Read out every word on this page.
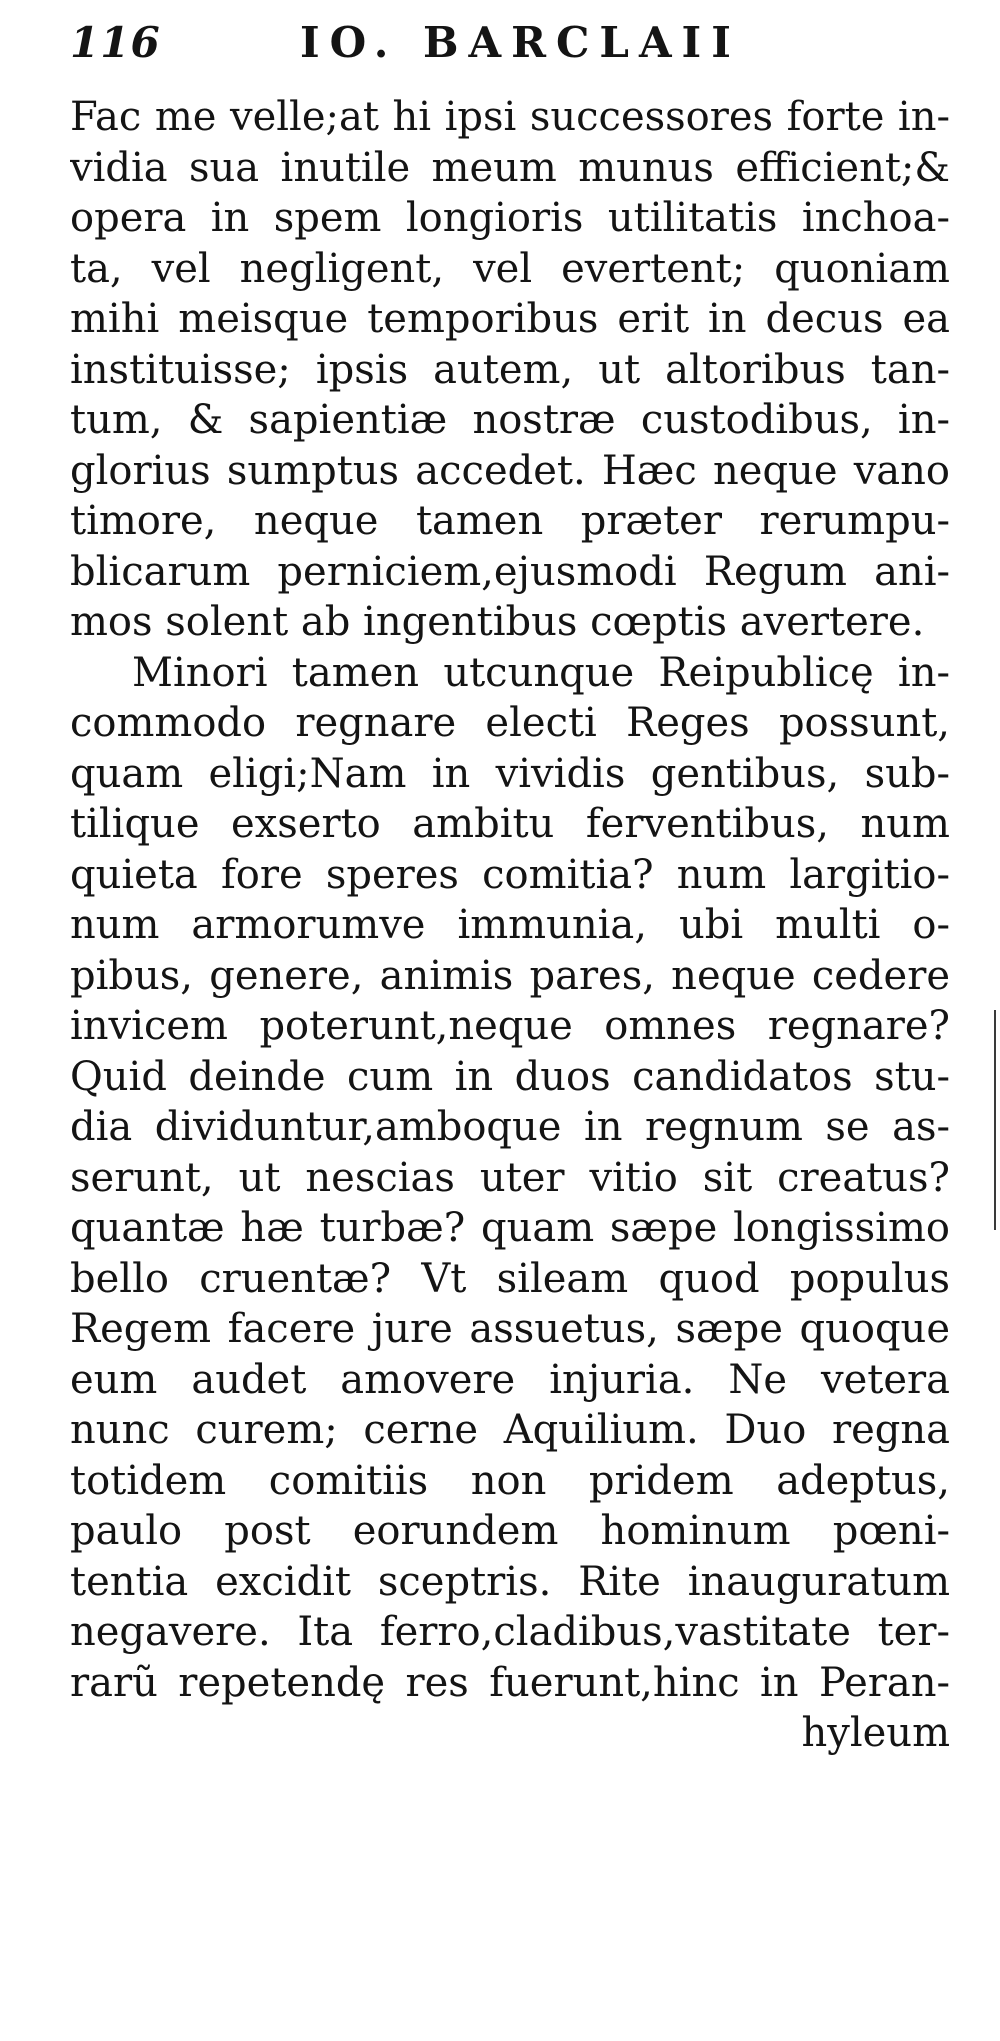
116	IO. BARCLAII
Fac me velle;at hi ipsi successores forte in-
vidia sua inutile meum munus efficient;&
opera in spem longioris utilitatis inchoa-
ta, vel negligent, vel evertent; quoniam
mihi meisque temporibus erit in decus ea
instituisse; ipsis autem, ut altoribus tan-
tum, & sapientiæ nostræ custodibus, in-
glorius sumptus accedet. Hæc neque vano
timore, neque tamen præter rerumpu-
blicarum perniciem,ejusmodi Regum ani-
mos solent ab ingentibus cœptis avertere.
Minori tamen utcunque Reipublicę in-
commodo regnare electi Reges possunt,
quam eligi;Nam in vividis gentibus, sub-
tilique exserto ambitu ferventibus, num
quieta fore speres comitia? num largitio-
num armorumve immunia, ubi multi o-
pibus, genere, animis pares, neque cedere
invicem poterunt,neque omnes regnare?
Quid deinde cum in duos candidatos stu-
dia dividuntur,amboque in regnum se as-
serunt, ut nescias uter vitio sit creatus?
quantæ hæ turbæ? quam sæpe longissimo
bello cruentæ? Vt sileam quod populus
Regem facere jure assuetus, sæpe quoque
eum audet amovere injuria. Ne vetera
nunc curem; cerne Aquilium. Duo regna
totidem comitiis non pridem adeptus,
paulo post eorundem hominum pœni-
tentia excidit sceptris. Rite inauguratum
negavere. Ita ferro,cladibus,vastitate ter-
rarũ repetendę res fuerunt,hinc in Peran-
hyleum
